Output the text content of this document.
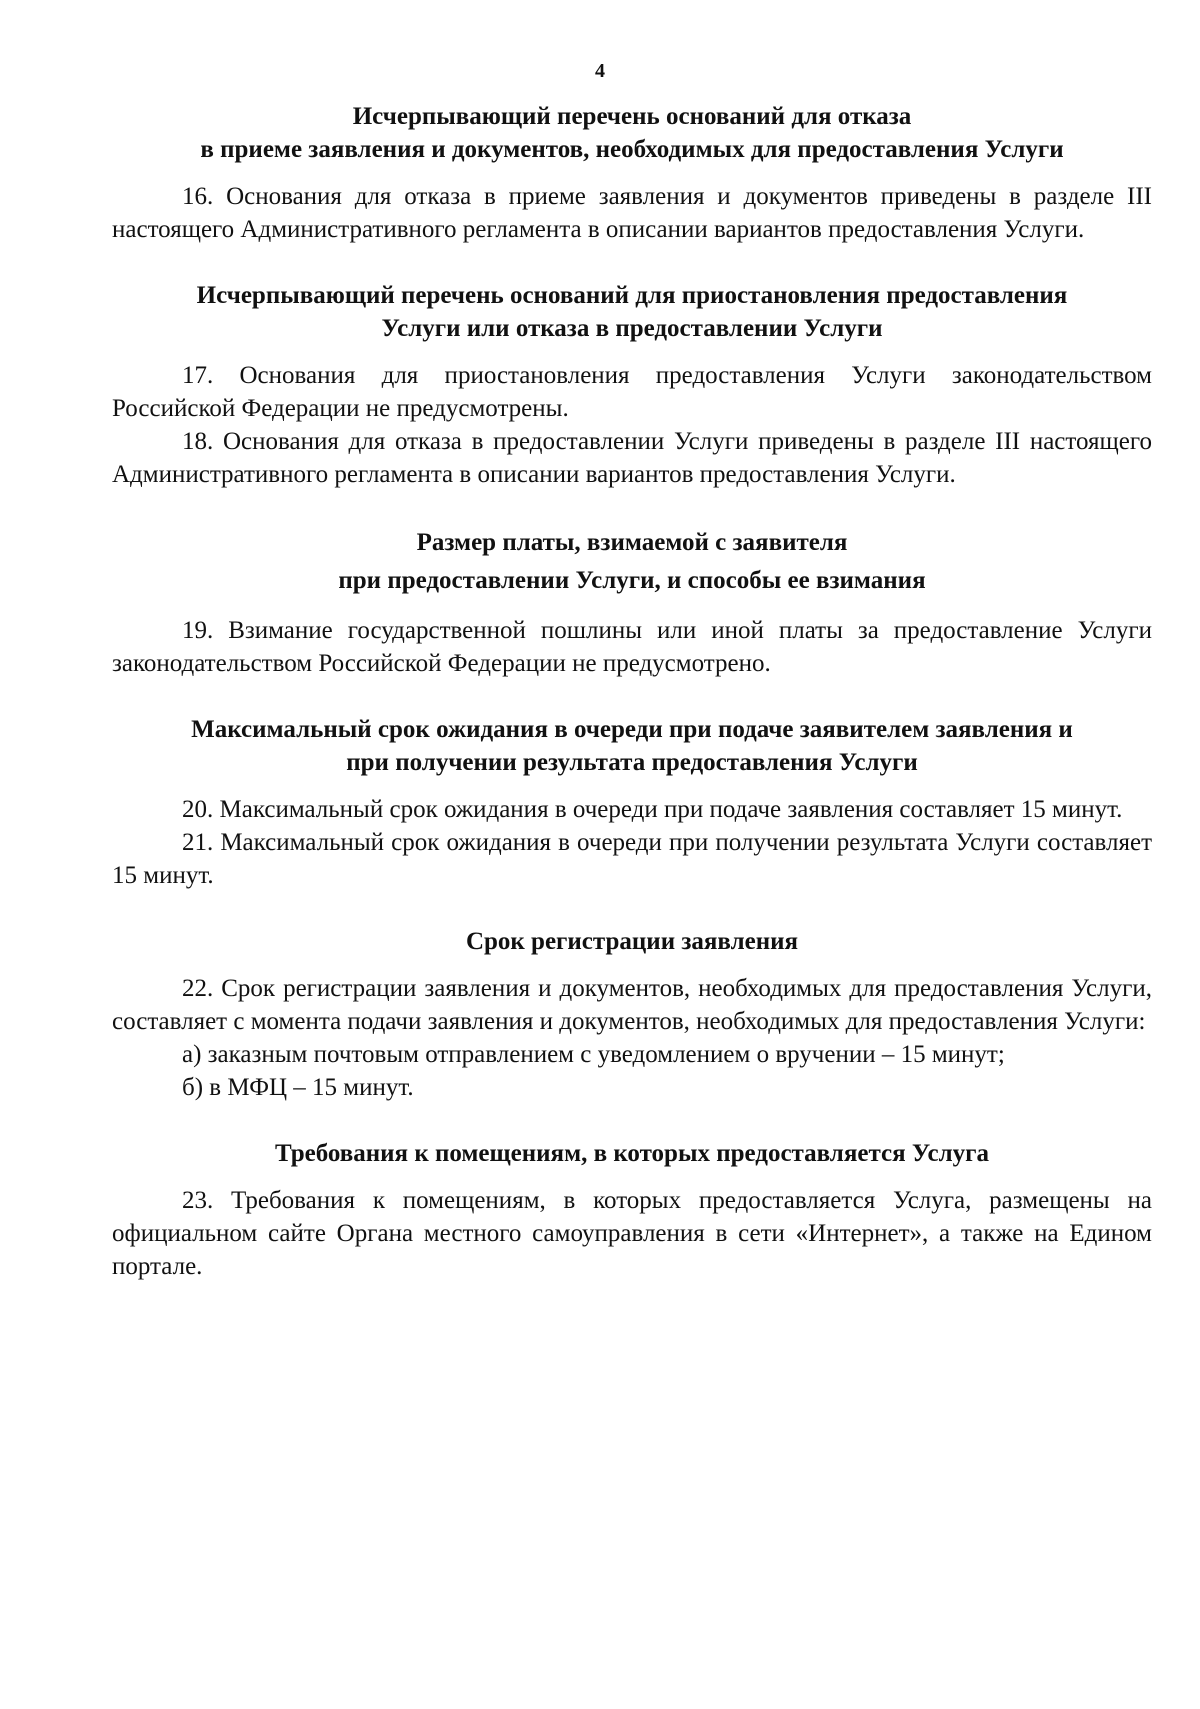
4
Исчерпывающий перечень оснований для отказа
в приеме заявления и документов, необходимых для предоставления Услуги

16. Основания для отказа в приеме заявления и документов приведены в разделе III настоящего Административного регламента в описании вариантов предоставления Услуги.

Исчерпывающий перечень оснований для приостановления предоставления
Услуги или отказа в предоставлении Услуги

17. Основания для приостановления предоставления Услуги законодательством Российской Федерации не предусмотрены.

18. Основания для отказа в предоставлении Услуги приведены в разделе III настоящего Административного регламента в описании вариантов предоставления Услуги.

Размер платы, взимаемой с заявителя
при предоставлении Услуги, и способы ее взимания

19. Взимание государственной пошлины или иной платы за предоставление Услуги законодательством Российской Федерации не предусмотрено.

Максимальный срок ожидания в очереди при подаче заявителем заявления и
при получении результата предоставления Услуги

20. Максимальный срок ожидания в очереди при подаче заявления составляет 15 минут.

21. Максимальный срок ожидания в очереди при получении результата Услуги составляет 15 минут.

Срок регистрации заявления

22. Срок регистрации заявления и документов, необходимых для предоставления Услуги, составляет с момента подачи заявления и документов, необходимых для предоставления Услуги:

а) заказным почтовым отправлением с уведомлением о вручении – 15 минут;

б) в МФЦ – 15 минут.

Требования к помещениям, в которых предоставляется Услуга

23. Требования к помещениям, в которых предоставляется Услуга, размещены на официальном сайте Органа местного самоуправления в сети «Интернет», а также на Едином портале.
